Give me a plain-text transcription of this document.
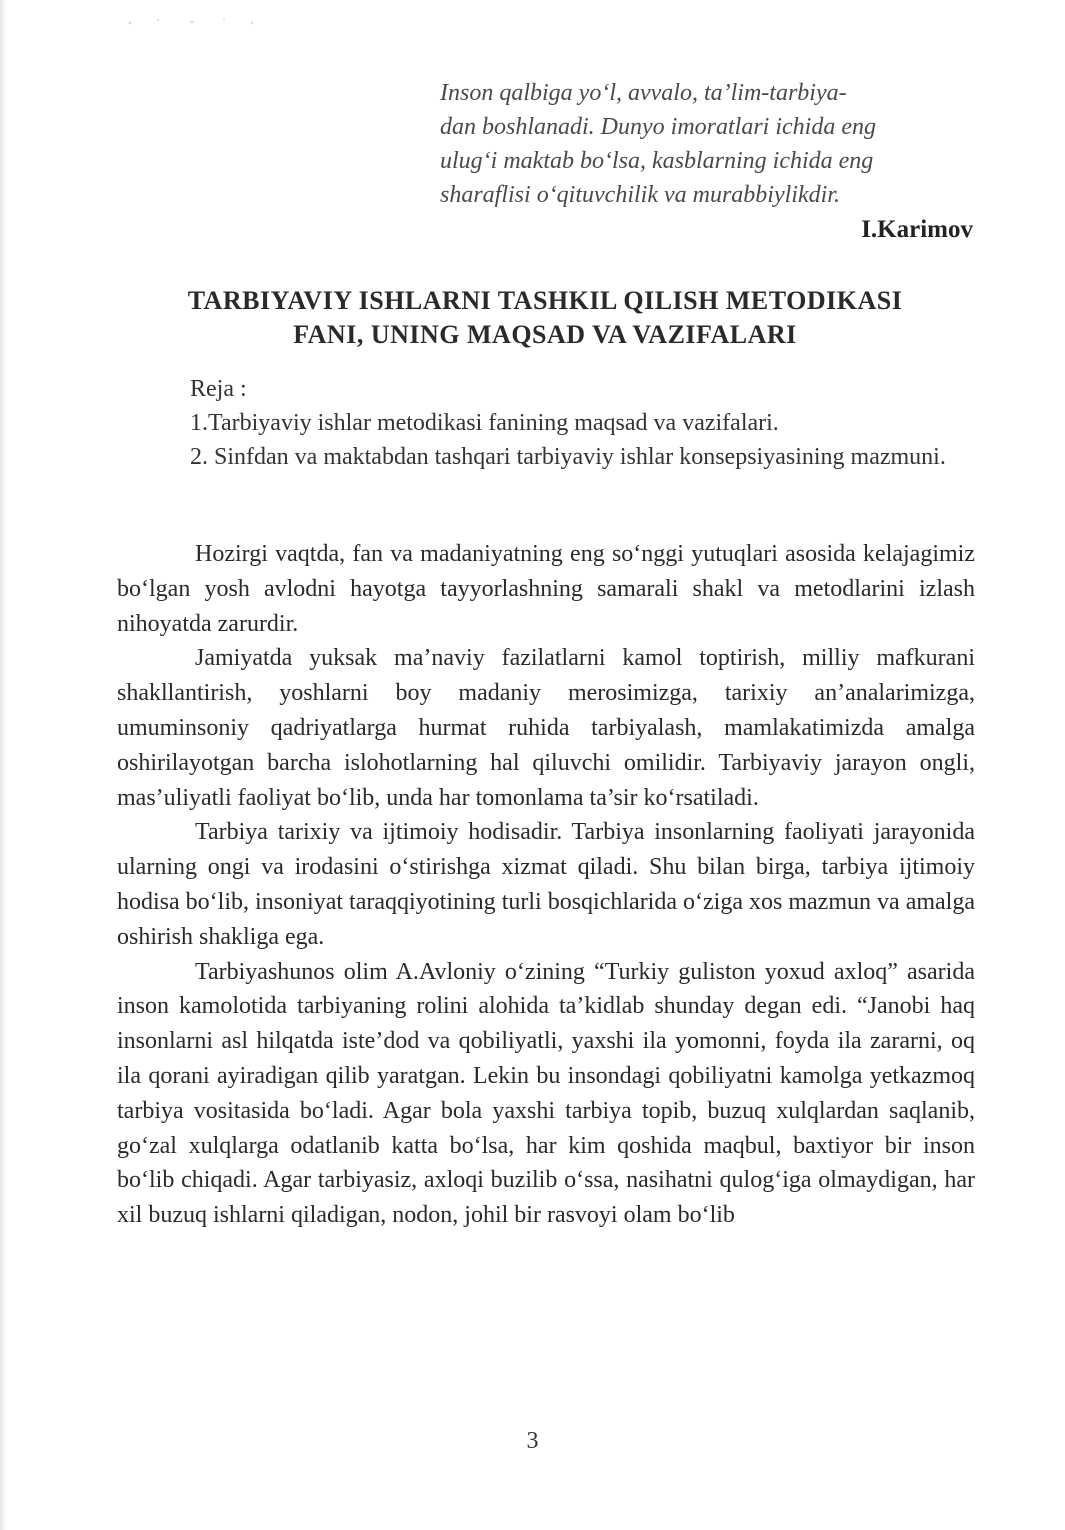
Inson qalbiga yo‘l, avvalo, ta’lim-tarbiya-
dan boshlanadi. Dunyo imoratlari ichida eng
ulug‘i maktab bo‘lsa, kasblarning ichida eng
sharaflisi o‘qituvchilik va murabbiylikdir.
I.Karimov
TARBIYAVIY ISHLARNI TASHKIL QILISH METODIKASI
FANI, UNING MAQSAD VA VAZIFALARI
Reja :
1.Tarbiyaviy ishlar metodikasi fanining maqsad va vazifalari.
2. Sinfdan va maktabdan tashqari tarbiyaviy ishlar konsepsiyasining mazmuni.

Hozirgi vaqtda, fan va madaniyatning eng so‘nggi yutuqlari asosida kelajagimiz bo‘lgan yosh avlodni hayotga tayyorlashning samarali shakl va metodlarini izlash nihoyatda zarurdir.

Jamiyatda yuksak ma’naviy fazilatlarni kamol toptirish, milliy mafkurani shakllantirish, yoshlarni boy madaniy merosimizga, tarixiy an’analarimizga, umuminsoniy qadriyatlarga hurmat ruhida tarbiyalash, mamlakatimizda amalga oshirilayotgan barcha islohotlarning hal qiluvchi omilidir. Tarbiyaviy jarayon ongli, mas’uliyatli faoliyat bo‘lib, unda har tomonlama ta’sir ko‘rsatiladi.

Tarbiya tarixiy va ijtimoiy hodisadir. Tarbiya insonlarning faoliyati jarayonida ularning ongi va irodasini o‘stirishga xizmat qiladi. Shu bilan birga, tarbiya ijtimoiy hodisa bo‘lib, insoniyat taraqqiyotining turli bosqichlarida o‘ziga xos mazmun va amalga oshirish shakliga ega.

Tarbiyashunos olim A.Avloniy o‘zining “Turkiy guliston yoxud axloq” asarida inson kamolotida tarbiyaning rolini alohida ta’kidlab shunday degan edi. “Janobi haq insonlarni asl hilqatda iste’dod va qobiliyatli, yaxshi ila yomonni, foyda ila zararni, oq ila qorani ayiradigan qilib yaratgan. Lekin bu insondagi qobiliyatni kamolga yetkazmoq tarbiya vositasida bo‘ladi. Agar bola yaxshi tarbiya topib, buzuq xulqlardan saqlanib, go‘zal xulqlarga odatlanib katta bo‘lsa, har kim qoshida maqbul, baxtiyor bir inson bo‘lib chiqadi. Agar tarbiyasiz, axloqi buzilib o‘ssa, nasihatni qulog‘iga olmaydigan, har xil buzuq ishlarni qiladigan, nodon, johil bir rasvoyi olam bo‘lib

3
